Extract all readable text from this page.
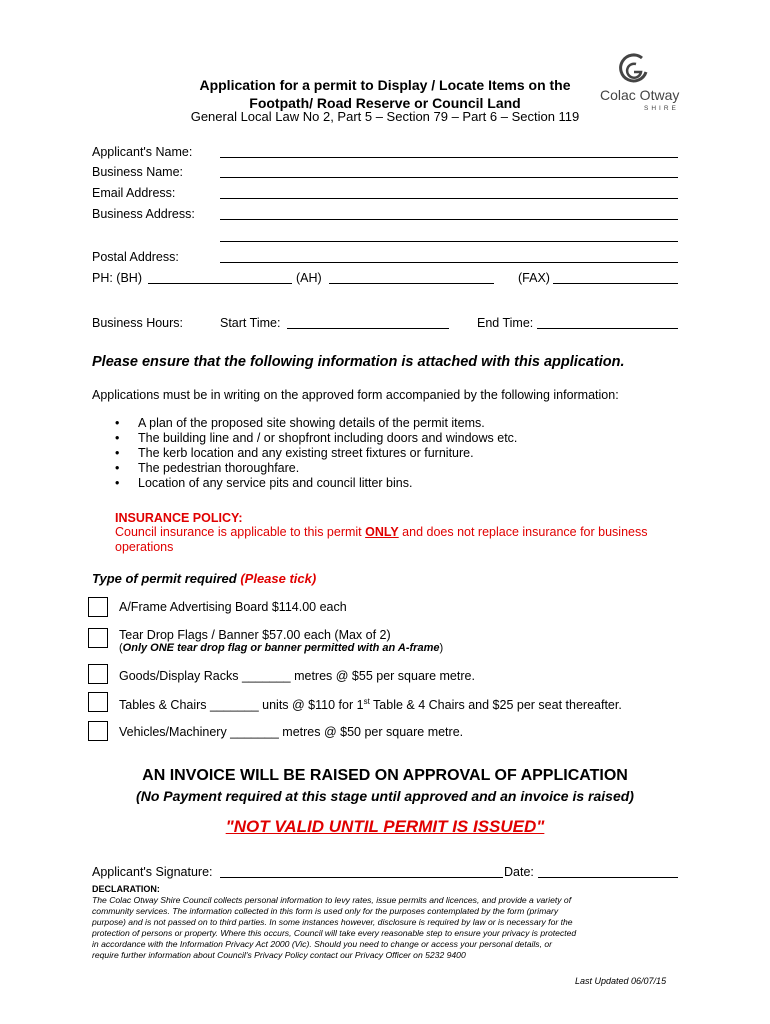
Application for a permit to Display / Locate Items on the
Footpath/ Road Reserve or Council Land
General Local Law No 2, Part 5 – Section 79 – Part 6 – Section 119
Colac Otway
SHIRE
Applicant's Name:
Business Name:
Email Address:
Business Address:
Postal Address:
PH: (BH)	(AH)	(FAX)
Business Hours:	Start Time:	End Time:
Please ensure that the following information is attached with this application.
Applications must be in writing on the approved form accompanied by the following information:
• A plan of the proposed site showing details of the permit items.
• The building line and / or shopfront including doors and windows etc.
• The kerb location and any existing street fixtures or furniture.
• The pedestrian thoroughfare.
• Location of any service pits and council litter bins.
INSURANCE POLICY:
Council insurance is applicable to this permit ONLY and does not replace insurance for business
operations
Type of permit required (Please tick)
A/Frame Advertising Board $114.00 each
Tear Drop Flags / Banner $57.00 each (Max of 2)
(Only ONE tear drop flag or banner permitted with an A-frame)
Goods/Display Racks _______ metres @ $55 per square metre.
Tables & Chairs _______ units @ $110 for 1st Table & 4 Chairs and $25 per seat thereafter.
Vehicles/Machinery _______ metres @ $50 per square metre.
AN INVOICE WILL BE RAISED ON APPROVAL OF APPLICATION
(No Payment required at this stage until approved and an invoice is raised)
"NOT VALID UNTIL PERMIT IS ISSUED"
Applicant's Signature:	Date:
DECLARATION:
The Colac Otway Shire Council collects personal information to levy rates, issue permits and licences, and provide a variety of
community services. The information collected in this form is used only for the purposes contemplated by the form (primary
purpose) and is not passed on to third parties. In some instances however, disclosure is required by law or is necessary for the
protection of persons or property. Where this occurs, Council will take every reasonable step to ensure your privacy is protected
in accordance with the Information Privacy Act 2000 (Vic). Should you need to change or access your personal details, or
require further information about Council's Privacy Policy contact our Privacy Officer on 5232 9400
Last Updated 06/07/15
